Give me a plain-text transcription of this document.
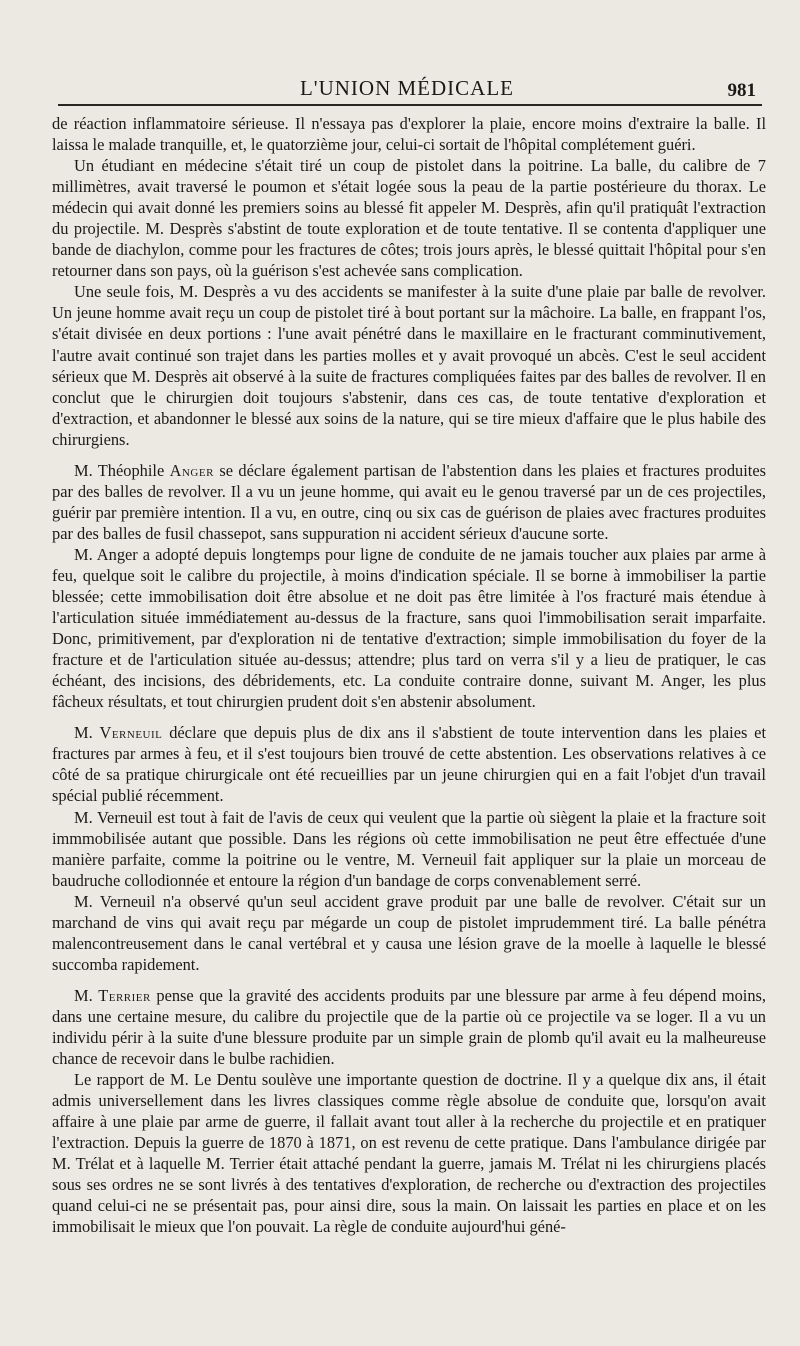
L'UNION MÉDICALE	981

de réaction inflammatoire sérieuse. Il n'essaya pas d'explorer la plaie, encore moins d'extraire la balle. Il laissa le malade tranquille, et, le quatorzième jour, celui-ci sortait de l'hôpital complétement guéri.

Un étudiant en médecine s'était tiré un coup de pistolet dans la poitrine. La balle, du calibre de 7 millimètres, avait traversé le poumon et s'était logée sous la peau de la partie postérieure du thorax. Le médecin qui avait donné les premiers soins au blessé fit appeler M. Desprès, afin qu'il pratiquât l'extraction du projectile. M. Desprès s'abstint de toute exploration et de toute tentative. Il se contenta d'appliquer une bande de diachylon, comme pour les fractures de côtes; trois jours après, le blessé quittait l'hôpital pour s'en retourner dans son pays, où la guérison s'est achevée sans complication.

Une seule fois, M. Desprès a vu des accidents se manifester à la suite d'une plaie par balle de revolver. Un jeune homme avait reçu un coup de pistolet tiré à bout portant sur la mâchoire. La balle, en frappant l'os, s'était divisée en deux portions : l'une avait pénétré dans le maxillaire en le fracturant comminutivement, l'autre avait continué son trajet dans les parties molles et y avait provoqué un abcès. C'est le seul accident sérieux que M. Desprès ait observé à la suite de fractures compliquées faites par des balles de revolver. Il en conclut que le chirurgien doit toujours s'abstenir, dans ces cas, de toute tentative d'exploration et d'extraction, et abandonner le blessé aux soins de la nature, qui se tire mieux d'affaire que le plus habile des chirurgiens.

M. Théophile Anger se déclare également partisan de l'abstention dans les plaies et fractures produites par des balles de revolver. Il a vu un jeune homme, qui avait eu le genou traversé par un de ces projectiles, guérir par première intention. Il a vu, en outre, cinq ou six cas de guérison de plaies avec fractures produites par des balles de fusil chassepot, sans suppuration ni accident sérieux d'aucune sorte.

M. Anger a adopté depuis longtemps pour ligne de conduite de ne jamais toucher aux plaies par arme à feu, quelque soit le calibre du projectile, à moins d'indication spéciale. Il se borne à immobiliser la partie blessée; cette immobilisation doit être absolue et ne doit pas être limitée à l'os fracturé mais étendue à l'articulation située immédiatement au-dessus de la fracture, sans quoi l'immobilisation serait imparfaite. Donc, primitivement, par d'exploration ni de tentative d'extraction; simple immobilisation du foyer de la fracture et de l'articulation située au-dessus; attendre; plus tard on verra s'il y a lieu de pratiquer, le cas échéant, des incisions, des débridements, etc. La conduite contraire donne, suivant M. Anger, les plus fâcheux résultats, et tout chirurgien prudent doit s'en abstenir absolument.

M. Verneuil déclare que depuis plus de dix ans il s'abstient de toute intervention dans les plaies et fractures par armes à feu, et il s'est toujours bien trouvé de cette abstention. Les observations relatives à ce côté de sa pratique chirurgicale ont été recueillies par un jeune chirurgien qui en a fait l'objet d'un travail spécial publié récemment.

M. Verneuil est tout à fait de l'avis de ceux qui veulent que la partie où siègent la plaie et la fracture soit immmobilisée autant que possible. Dans les régions où cette immobilisation ne peut être effectuée d'une manière parfaite, comme la poitrine ou le ventre, M. Verneuil fait appliquer sur la plaie un morceau de baudruche collodionnée et entoure la région d'un bandage de corps convenablement serré.

M. Verneuil n'a observé qu'un seul accident grave produit par une balle de revolver. C'était sur un marchand de vins qui avait reçu par mégarde un coup de pistolet imprudemment tiré. La balle pénétra malencontreusement dans le canal vertébral et y causa une lésion grave de la moelle à laquelle le blessé succomba rapidement.

M. Terrier pense que la gravité des accidents produits par une blessure par arme à feu dépend moins, dans une certaine mesure, du calibre du projectile que de la partie où ce projectile va se loger. Il a vu un individu périr à la suite d'une blessure produite par un simple grain de plomb qu'il avait eu la malheureuse chance de recevoir dans le bulbe rachidien.

Le rapport de M. Le Dentu soulève une importante question de doctrine. Il y a quelque dix ans, il était admis universellement dans les livres classiques comme règle absolue de conduite que, lorsqu'on avait affaire à une plaie par arme de guerre, il fallait avant tout aller à la recherche du projectile et en pratiquer l'extraction. Depuis la guerre de 1870 à 1871, on est revenu de cette pratique. Dans l'ambulance dirigée par M. Trélat et à laquelle M. Terrier était attaché pendant la guerre, jamais M. Trélat ni les chirurgiens placés sous ses ordres ne se sont livrés à des tentatives d'exploration, de recherche ou d'extraction des projectiles quand celui-ci ne se présentait pas, pour ainsi dire, sous la main. On laissait les parties en place et on les immobilisait le mieux que l'on pouvait. La règle de conduite aujourd'hui géné-
